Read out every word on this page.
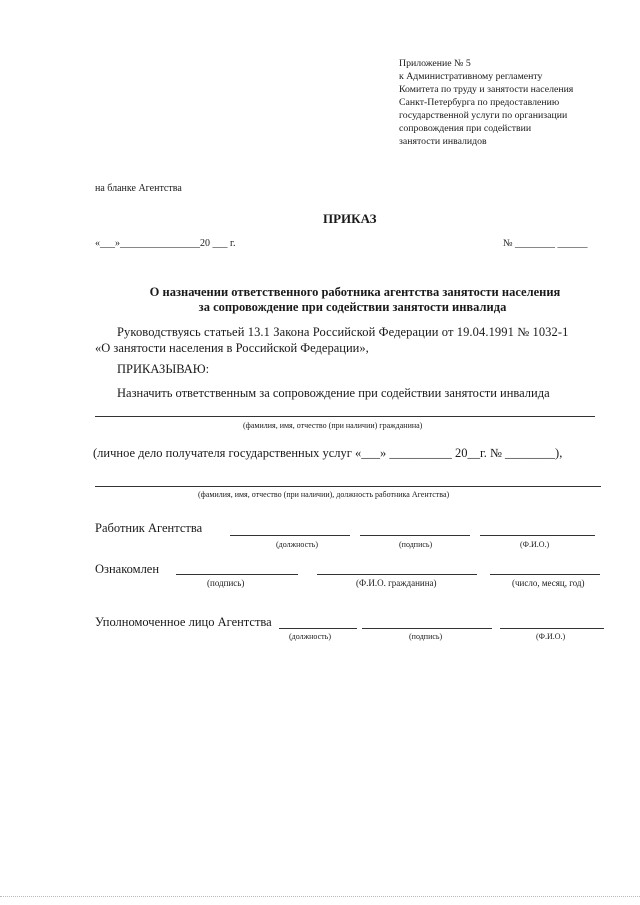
Приложение № 5
к Административному регламенту
Комитета по труду и занятости населения
Санкт-Петербурга по предоставлению
государственной услуги по организации
сопровождения при содействии
занятости инвалидов
на бланке Агентства
ПРИКАЗ
«___»________________20 ___ г.	№ ________ ______
О назначении ответственного работника агентства занятости населения
за сопровождение при содействии занятости инвалида
Руководствуясь статьей 13.1 Закона Российской Федерации от 19.04.1991 № 1032-1
«О занятости населения в Российской Федерации»,
ПРИКАЗЫВАЮ:
Назначить ответственным за сопровождение при содействии занятости инвалида
(фамилия, имя, отчество (при наличии) гражданина)
(личное дело получателя государственных услуг «___» __________ 20__г. № ________),
(фамилия, имя, отчество (при наличии), должность работника Агентства)
Работник Агентства
(должность)	(подпись)	(Ф.И.О.)
Ознакомлен
(подпись)	(Ф.И.О. гражданина)	(число, месяц, год)
Уполномоченное лицо Агентства
(должность)	(подпись)	(Ф.И.О.)
